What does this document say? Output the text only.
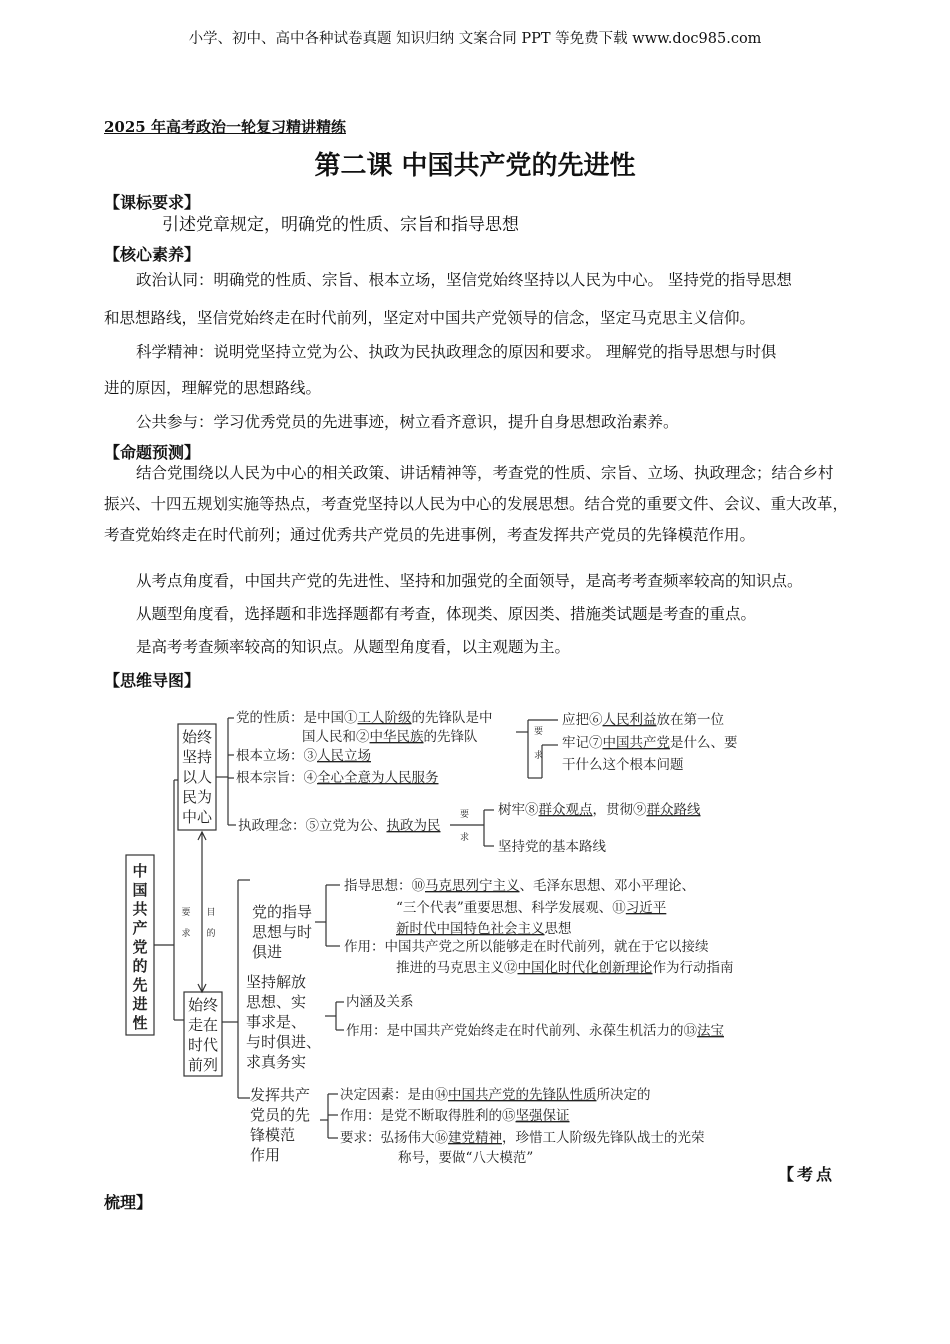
小学、初中、高中各种试卷真题 知识归纳 文案合同 PPT 等免费下载 www.doc985.com
2025 年高考政治一轮复习精讲精练
第二课 中国共产党的先进性
【课标要求】
引述党章规定，明确党的性质、宗旨和指导思想
【核心素养】
政治认同：明确党的性质、宗旨、根本立场，坚信党始终坚持以人民为中心。 坚持党的指导思想
和思想路线，坚信党始终走在时代前列，坚定对中国共产党领导的信念，坚定马克思主义信仰。
科学精神：说明党坚持立党为公、执政为民执政理念的原因和要求。 理解党的指导思想与时俱
进的原因，理解党的思想路线。
公共参与：学习优秀党员的先进事迹，树立看齐意识，提升自身思想政治素养。
【命题预测】
结合党围绕以人民为中心的相关政策、讲话精神等，考查党的性质、宗旨、立场、执政理念；结合乡村振兴、十四五规划实施等热点，考查党坚持以人民为中心的发展思想。结合党的重要文件、会议、重大改革，考查党始终走在时代前列；通过优秀共产党员的先进事例，考查发挥共产党员的先锋模范作用。
从考点角度看，中国共产党的先进性、坚持和加强党的全面领导，是高考考查频率较高的知识点。
从题型角度看，选择题和非选择题都有考查，体现类、原因类、措施类试题是考查的重点。
是高考考查频率较高的知识点。从题型角度看，以主观题为主。
【思维导图】
中
国
共
产
党
的
先
进
性
要
求
目
的
始终
坚持
以人
民为
中心
始终
走在
时代
前列
党的性质：是中国①工人阶级的先锋队是中
国人民和②中华民族的先锋队
根本立场：③人民立场
根本宗旨：④全心全意为人民服务
要
求
应把⑥人民利益放在第一位
牢记⑦中国共产党是什么、要
干什么这个根本问题
执政理念：⑤立党为公、执政为民
要
求
树牢⑧群众观点，贯彻⑨群众路线
坚持党的基本路线
党的指导
思想与时
俱进
指导思想：⑩马克思列宁主义、毛泽东思想、邓小平理论、
“三个代表”重要思想、科学发展观、⑪习近平
新时代中国特色社会主义思想
作用：中国共产党之所以能够走在时代前列，就在于它以接续
推进的马克思主义⑫中国化时代化创新理论作为行动指南
坚持解放
思想、实
事求是、
与时俱进、
求真务实
内涵及关系
作用：是中国共产党始终走在时代前列、永葆生机活力的⑬法宝
发挥共产
党员的先
锋模范
作用
决定因素：是由⑭中国共产党的先锋队性质所决定的
作用：是党不断取得胜利的⑮坚强保证
要求：弘扬伟大⑯建党精神，珍惜工人阶级先锋队战士的光荣
称号，要做“八大模范”
【考点
梳理】
